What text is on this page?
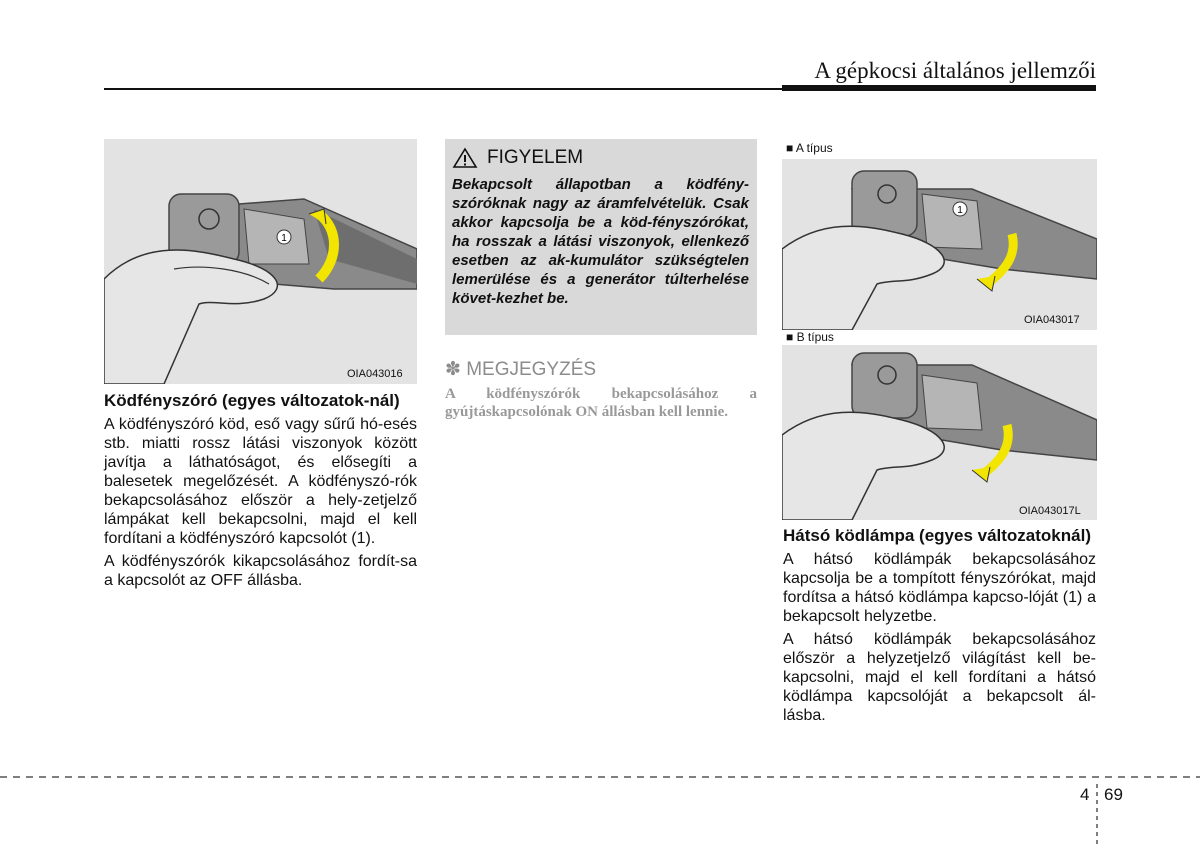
A gépkocsi általános jellemzői
1
OIA043016
Ködfényszóró (egyes változatok-nál)

A ködfényszóró köd, eső vagy sűrű hó-esés stb. miatti rossz látási viszonyok között javítja a láthatóságot, és elősegíti a balesetek megelőzését. A ködfényszó-rók bekapcsolásához először a hely-zetjelző lámpákat kell bekapcsolni, majd el kell fordítani a ködfényszóró kapcsolót (1).

A ködfényszórók kikapcsolásához fordít-sa a kapcsolót az OFF állásba.

FIGYELEM
Bekapcsolt állapotban a ködfény-szóróknak nagy az áramfelvételük. Csak akkor kapcsolja be a köd-fényszórókat, ha rosszak a látási viszonyok, ellenkező esetben az ak-kumulátor szükségtelen lemerülése és a generátor túlterhelése követ-kezhet be.
✽ MEGJEGYZÉS
A ködfényszórók bekapcsolásához a gyújtáskapcsolónak ON állásban kell lennie.
■ A típus
1
OIA043017
■ B típus
OIA043017L
Hátsó ködlámpa (egyes változatoknál)

A hátsó ködlámpák bekapcsolásához kapcsolja be a tompított fényszórókat, majd fordítsa a hátsó ködlámpa kapcso-lóját (1) a bekapcsolt helyzetbe.

A hátsó ködlámpák bekapcsolásához először a helyzetjelző világítást kell be-kapcsolni, majd el kell fordítani a hátsó ködlámpa kapcsolóját a bekapcsolt ál-lásba.

4 69
